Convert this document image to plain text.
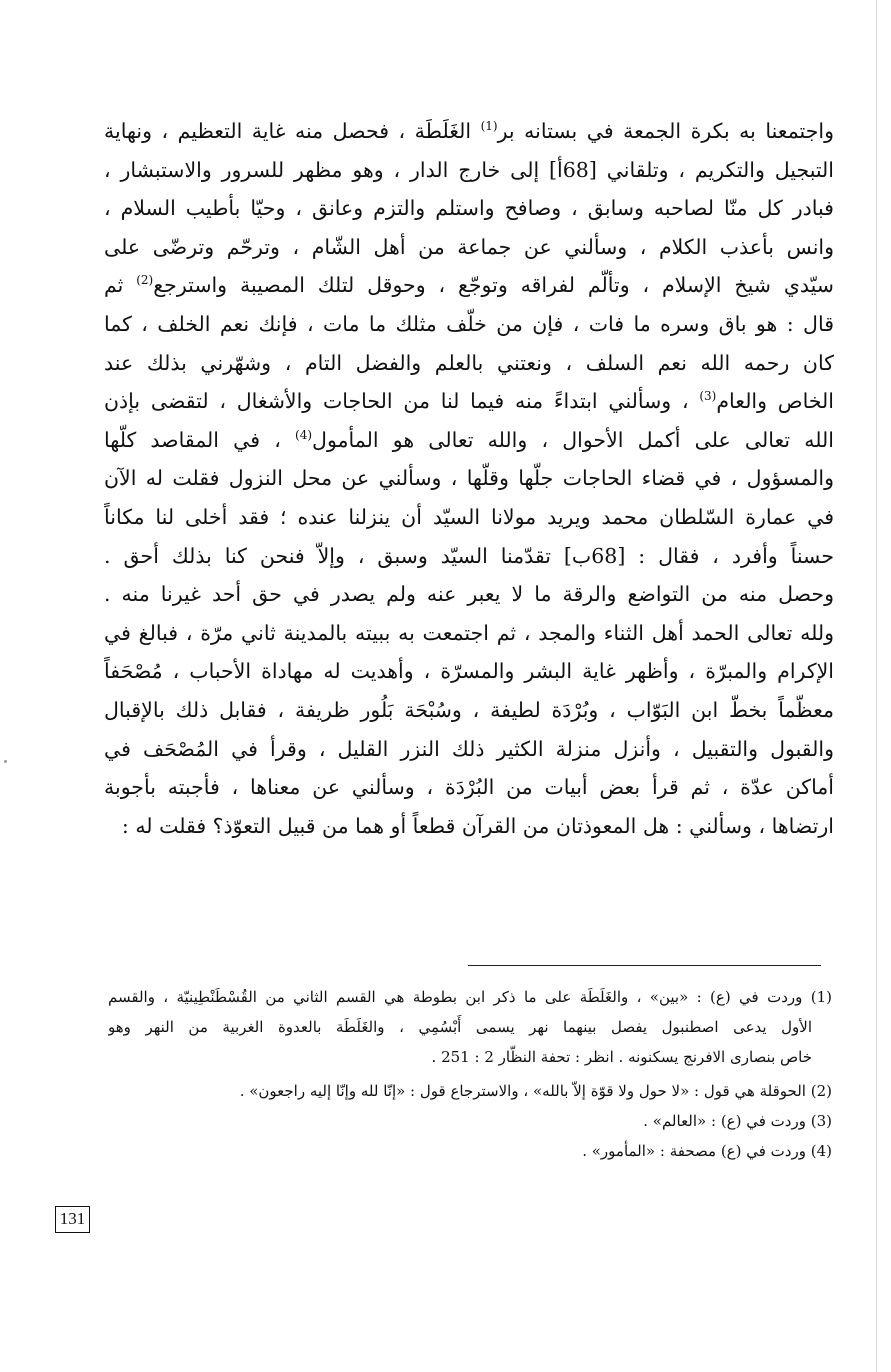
واجتمعنا به بكرة الجمعة في بستانه بر$^{(1)}$ الغَلَطَة ، فحصل منه غاية التعظيم ، ونهاية
التبجيل والتكريم ، وتلقاني [68أ] إلى خارج الدار ، وهو مظهر للسرور والاستبشار ،
فبادر كل منّا لصاحبه وسابق ، وصافح واستلم والتزم وعانق ، وحيّا بأطيب السلام ،
وانس بأعذب الكلام ، وسألني عن جماعة من أهل الشّام ، وترحّم وترضّى على
سيّدي شيخ الإسلام ، وتألّم لفراقه وتوجّع ، وحوقل لتلك المصيبة واسترجع$^{(2)}$ ثم
قال : هو باق وسره ما فات ، فإن من خلّف مثلك ما مات ، فإنك نعم الخلف ، كما
كان رحمه الله نعم السلف ، ونعتني بالعلم والفضل التام ، وشهّرني بذلك عند
الخاص والعام$^{(3)}$ ، وسألني ابتداءً منه فيما لنا من الحاجات والأشغال ، لتقضى بإذن
الله تعالى على أكمل الأحوال ، والله تعالى هو المأمول$^{(4)}$ ، في المقاصد كلّها
والمسؤول ، في قضاء الحاجات جلّها وقلّها ، وسألني عن محل النزول فقلت له الآن
في عمارة السّلطان محمد ويريد مولانا السيّد أن ينزلنا عنده ؛ فقد أخلى لنا مكاناً
حسناً وأفرد ، فقال : [68ب] تقدّمنا السيّد وسبق ، وإلاّ فنحن كنا بذلك أحق .
وحصل منه من التواضع والرقة ما لا يعبر عنه ولم يصدر في حق أحد غيرنا منه .
ولله تعالى الحمد أهل الثناء والمجد ، ثم اجتمعت به ببيته بالمدينة ثاني مرّة ، فبالغ في
الإكرام والمبرّة ، وأظهر غاية البشر والمسرّة ، وأهديت له مهاداة الأحباب ، مُصْحَفاً
معظّماً بخطّ ابن البَوّاب ، وبُرْدَة لطيفة ، وسُبْحَة بَلُور ظريفة ، فقابل ذلك بالإقبال
والقبول والتقبيل ، وأنزل منزلة الكثير ذلك النزر القليل ، وقرأ في المُصْحَف في
أماكن عدّة ، ثم قرأ بعض أبيات من البُرْدَة ، وسألني عن معناها ، فأجبته بأجوبة
ارتضاها ، وسألني : هل المعوذتان من القرآن قطعاً أو هما من قبيل التعوّذ؟ فقلت له :
(1) وردت في (ع) : «بين» ، والغَلَطَة على ما ذكر ابن بطوطة هي القسم الثاني من القُسْطَنْطِينيّة ، والقسم
الأول يدعى اصطنبول يفصل بينهما نهر يسمى أَبْسُمِي ، والغَلَطَة بالعدوة الغربية من النهر وهو
خاص بنصارى الافرنج يسكنونه . انظر : تحفة النظّار 2 : 251 .
(2) الحوقلة هي قول : «لا حول ولا قوّة إلاّ بالله» ، والاسترجاع قول : «إنّا لله وإنّا إليه راجعون» .
(3) وردت في (ع) : «العالم» .
(4) وردت في (ع) مصحفة : «المأمور» .
131
